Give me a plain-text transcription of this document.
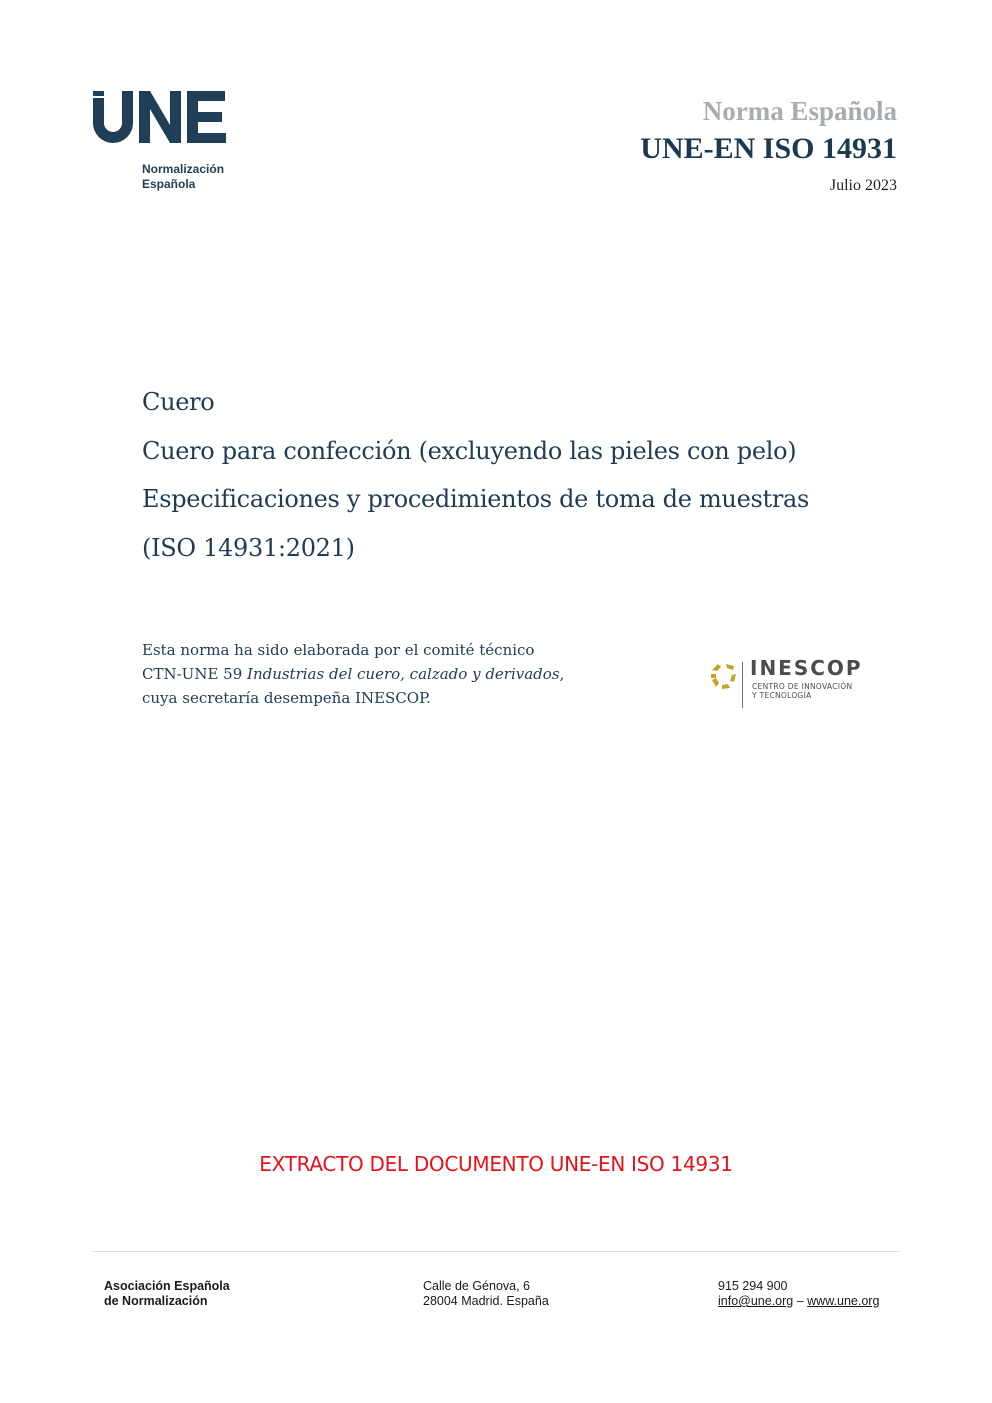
Normalización
Española
Norma Española
UNE-EN ISO 14931
Julio 2023
Cuero
Cuero para confección (excluyendo las pieles con pelo)
Especificaciones y procedimientos de toma de muestras
(ISO 14931:2021)
Esta norma ha sido elaborada por el comité técnico
CTN-UNE 59 Industrias del cuero, calzado y derivados,
cuya secretaría desempeña INESCOP.
INESCOP
CENTRO DE INNOVACIÓN
Y TECNOLOGÍA
EXTRACTO DEL DOCUMENTO UNE-EN ISO 14931
Asociación Española
de Normalización
Calle de Génova, 6
28004 Madrid. España
915 294 900
info@une.org – www.une.org
